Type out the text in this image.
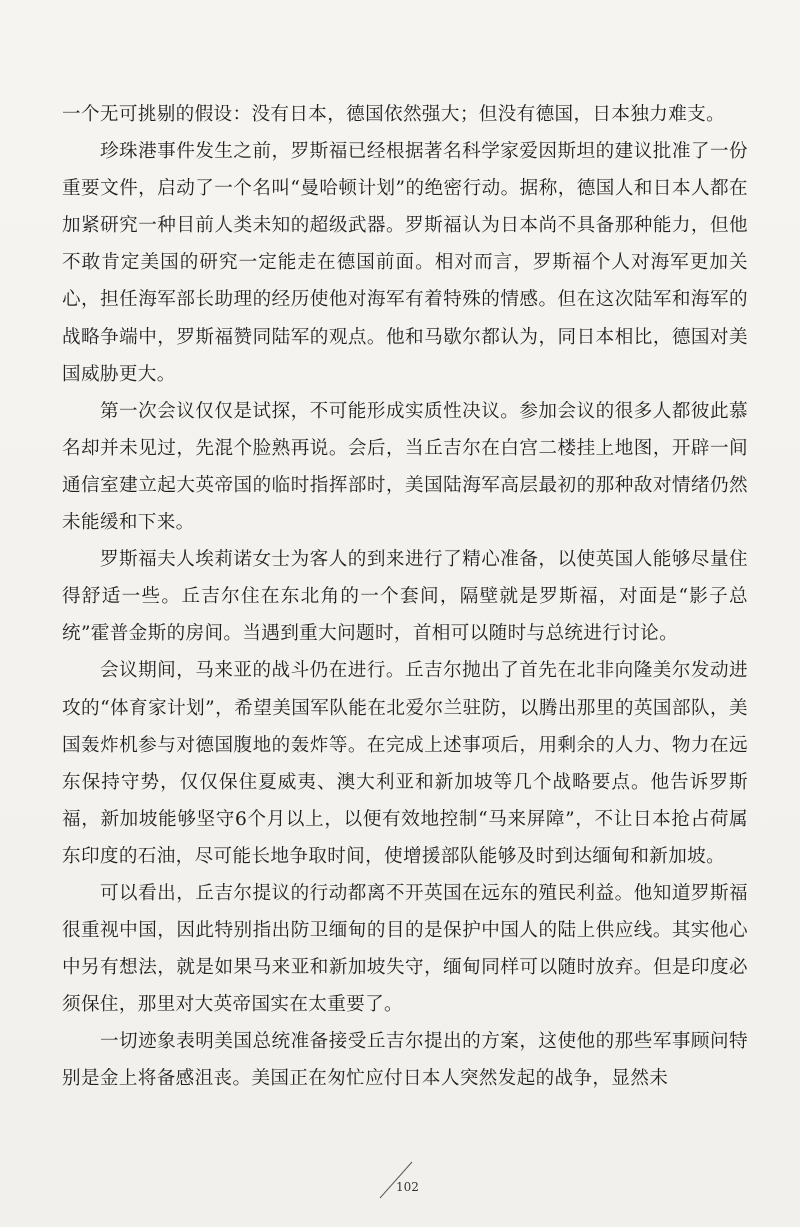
一个无可挑剔的假设：没有日本，德国依然强大；但没有德国，日本独力难支。

珍珠港事件发生之前，罗斯福已经根据著名科学家爱因斯坦的建议批准了一份重要文件，启动了一个名叫“曼哈顿计划”的绝密行动。据称，德国人和日本人都在加紧研究一种目前人类未知的超级武器。罗斯福认为日本尚不具备那种能力，但他不敢肯定美国的研究一定能走在德国前面。相对而言，罗斯福个人对海军更加关心，担任海军部长助理的经历使他对海军有着特殊的情感。但在这次陆军和海军的战略争端中，罗斯福赞同陆军的观点。他和马歇尔都认为，同日本相比，德国对美国威胁更大。

第一次会议仅仅是试探，不可能形成实质性决议。参加会议的很多人都彼此慕名却并未见过，先混个脸熟再说。会后，当丘吉尔在白宫二楼挂上地图，开辟一间通信室建立起大英帝国的临时指挥部时，美国陆海军高层最初的那种敌对情绪仍然未能缓和下来。

罗斯福夫人埃莉诺女士为客人的到来进行了精心准备，以使英国人能够尽量住得舒适一些。丘吉尔住在东北角的一个套间，隔壁就是罗斯福，对面是“影子总统”霍普金斯的房间。当遇到重大问题时，首相可以随时与总统进行讨论。

会议期间，马来亚的战斗仍在进行。丘吉尔抛出了首先在北非向隆美尔发动进攻的“体育家计划”，希望美国军队能在北爱尔兰驻防，以腾出那里的英国部队，美国轰炸机参与对德国腹地的轰炸等。在完成上述事项后，用剩余的人力、物力在远东保持守势，仅仅保住夏威夷、澳大利亚和新加坡等几个战略要点。他告诉罗斯福，新加坡能够坚守6个月以上，以便有效地控制“马来屏障”，不让日本抢占荷属东印度的石油，尽可能长地争取时间，使增援部队能够及时到达缅甸和新加坡。

可以看出，丘吉尔提议的行动都离不开英国在远东的殖民利益。他知道罗斯福很重视中国，因此特别指出防卫缅甸的目的是保护中国人的陆上供应线。其实他心中另有想法，就是如果马来亚和新加坡失守，缅甸同样可以随时放弃。但是印度必须保住，那里对大英帝国实在太重要了。

一切迹象表明美国总统准备接受丘吉尔提出的方案，这使他的那些军事顾问特别是金上将备感沮丧。美国正在匆忙应付日本人突然发起的战争，显然未

102
